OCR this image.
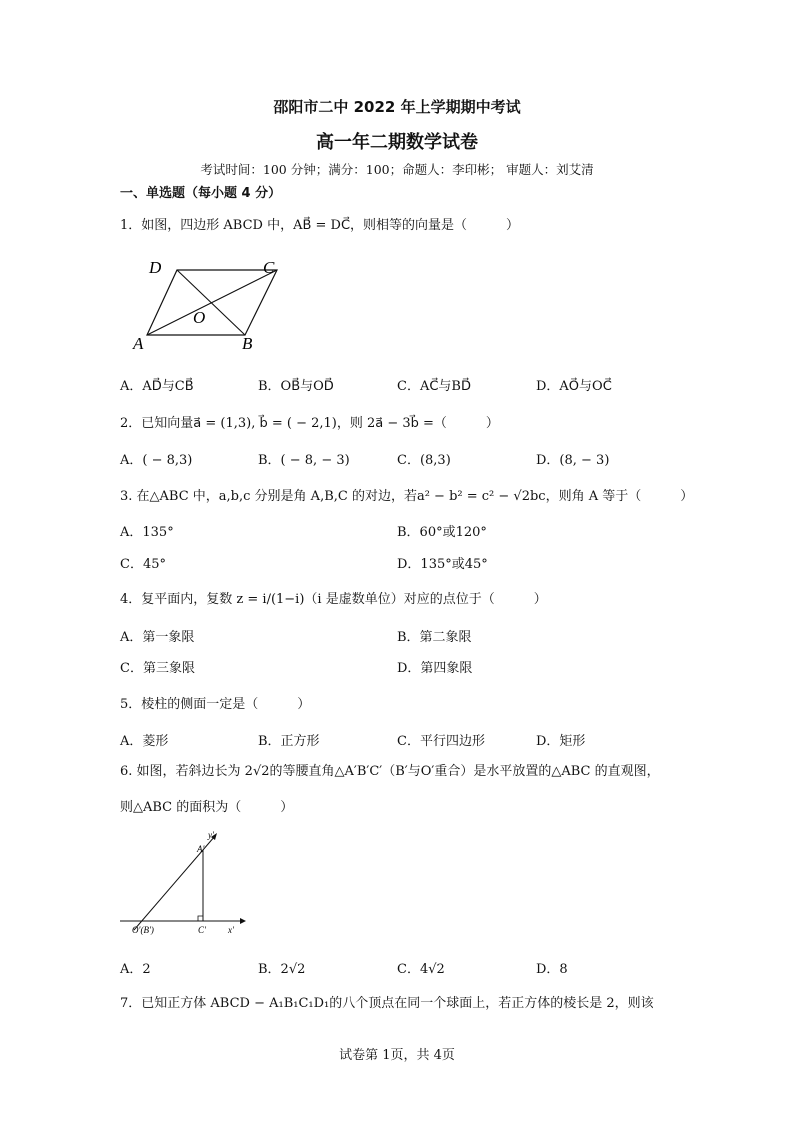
邵阳市二中 2022 年上学期期中考试
高一年二期数学试卷
考试时间：100 分钟；满分：100；命题人：李印彬； 审题人：刘艾清
一、单选题（每小题 4 分）
1．如图，四边形 ABCD 中，AB⃗ = DC⃗，则相等的向量是（　　　）
A	B
C
D
O
A．AD⃗与CB⃗	B．OB⃗与OD⃗	C．AC⃗与BD⃗	D．AO⃗与OC⃗
2．已知向量a⃗ = (1,3), b⃗ = ( − 2,1)，则 2a⃗ − 3b⃗ =（　　　）
A．( − 8,3)	B．( − 8, − 3)	C．(8,3)	D．(8, − 3)
3. 在△ABC 中，a,b,c 分别是角 A,B,C 的对边，若a² − b² = c² − √2bc，则角 A 等于（　　　）
A．135°	B．60°或120°
C．45°	D．135°或45°
4．复平面内，复数 z = i/(1−i)（i 是虚数单位）对应的点位于（　　　）
A．第一象限	B．第二象限
C．第三象限	D．第四象限
5．棱柱的侧面一定是（　　　）
A．菱形	B．正方形	C．平行四边形	D．矩形
6. 如图，若斜边长为 2√2的等腰直角△A′B′C′（B′与O′重合）是水平放置的△ABC 的直观图，
则△ABC 的面积为（　　　）
y′
A′
O′(B′)	C′ x′
A．2	B．2√2	C．4√2	D．8
7．已知正方体 ABCD − A₁B₁C₁D₁的八个顶点在同一个球面上，若正方体的棱长是 2，则该
试卷第 1页，共 4页
